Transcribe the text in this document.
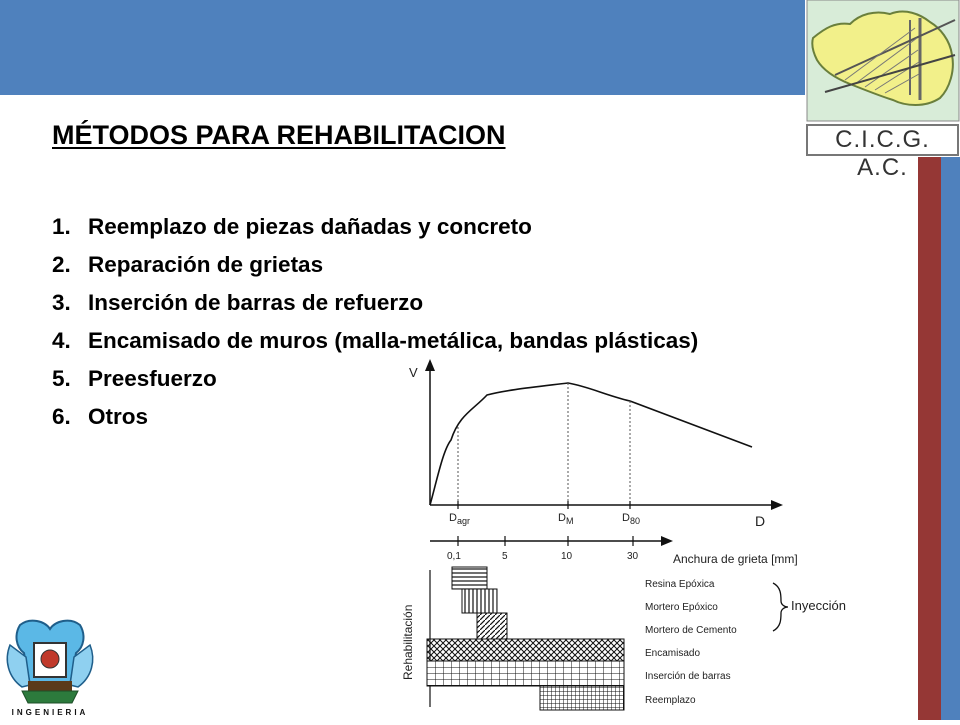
C.I.C.G. A.C.
MÉTODOS PARA REHABILITACION
1. Reemplazo de piezas dañadas y concreto
2. Reparación de grietas
3. Inserción de barras de refuerzo
4. Encamisado de muros (malla-metálica, bandas plásticas)
5. Preesfuerzo
6. Otros
INGENIERIA
V
D
$D_{agr}$	$D_M$	$D_{80}$
0,1	5	10	30	Anchura de grieta [mm]
Rehabilitación
Resina Epóxica
Mortero Epóxico
Mortero de Cemento
Encamisado
Inserción de barras
Reemplazo
Inyección
